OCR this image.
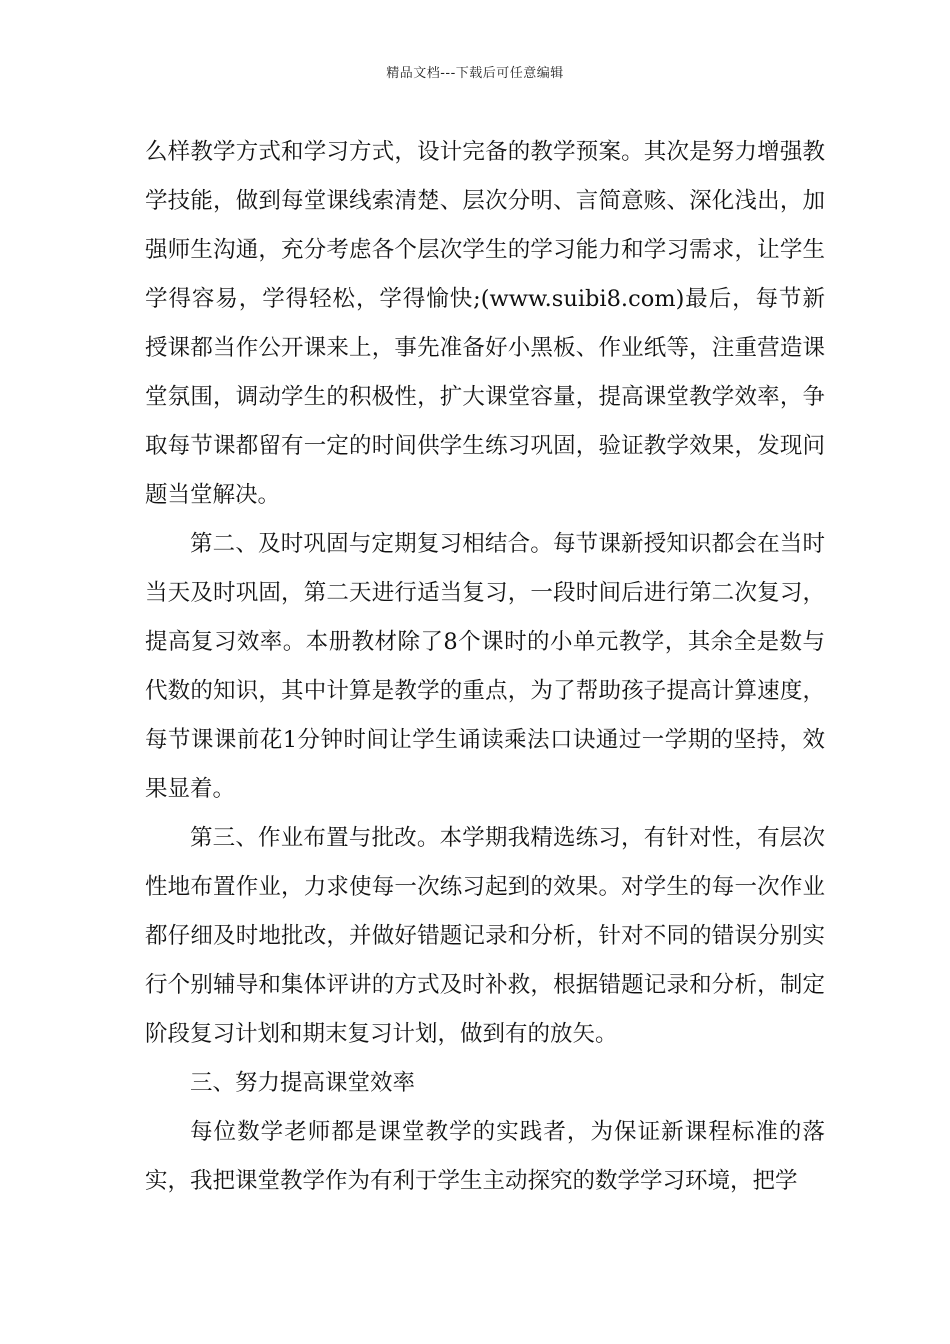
精品文档---下载后可任意编辑

么样教学方式和学习方式，设计完备的教学预案。其次是努力增强教学技能，做到每堂课线索清楚、层次分明、言简意赅、深化浅出，加强师生沟通，充分考虑各个层次学生的学习能力和学习需求，让学生学得容易，学得轻松，学得愉快;(www.suibi8.com)最后，每节新授课都当作公开课来上，事先准备好小黑板、作业纸等，注重营造课堂氛围，调动学生的积极性，扩大课堂容量，提高课堂教学效率，争取每节课都留有一定的时间供学生练习巩固，验证教学效果，发现问题当堂解决。

第二、及时巩固与定期复习相结合。每节课新授知识都会在当时当天及时巩固，第二天进行适当复习，一段时间后进行第二次复习，提高复习效率。本册教材除了8个课时的小单元教学，其余全是数与代数的知识，其中计算是教学的重点，为了帮助孩子提高计算速度，每节课课前花1分钟时间让学生诵读乘法口诀通过一学期的坚持，效果显着。

第三、作业布置与批改。本学期我精选练习，有针对性，有层次性地布置作业，力求使每一次练习起到的效果。对学生的每一次作业都仔细及时地批改，并做好错题记录和分析，针对不同的错误分别实行个别辅导和集体评讲的方式及时补救，根据错题记录和分析，制定阶段复习计划和期末复习计划，做到有的放矢。

三、努力提高课堂效率

每位数学老师都是课堂教学的实践者，为保证新课程标准的落实，我把课堂教学作为有利于学生主动探究的数学学习环境，把学
